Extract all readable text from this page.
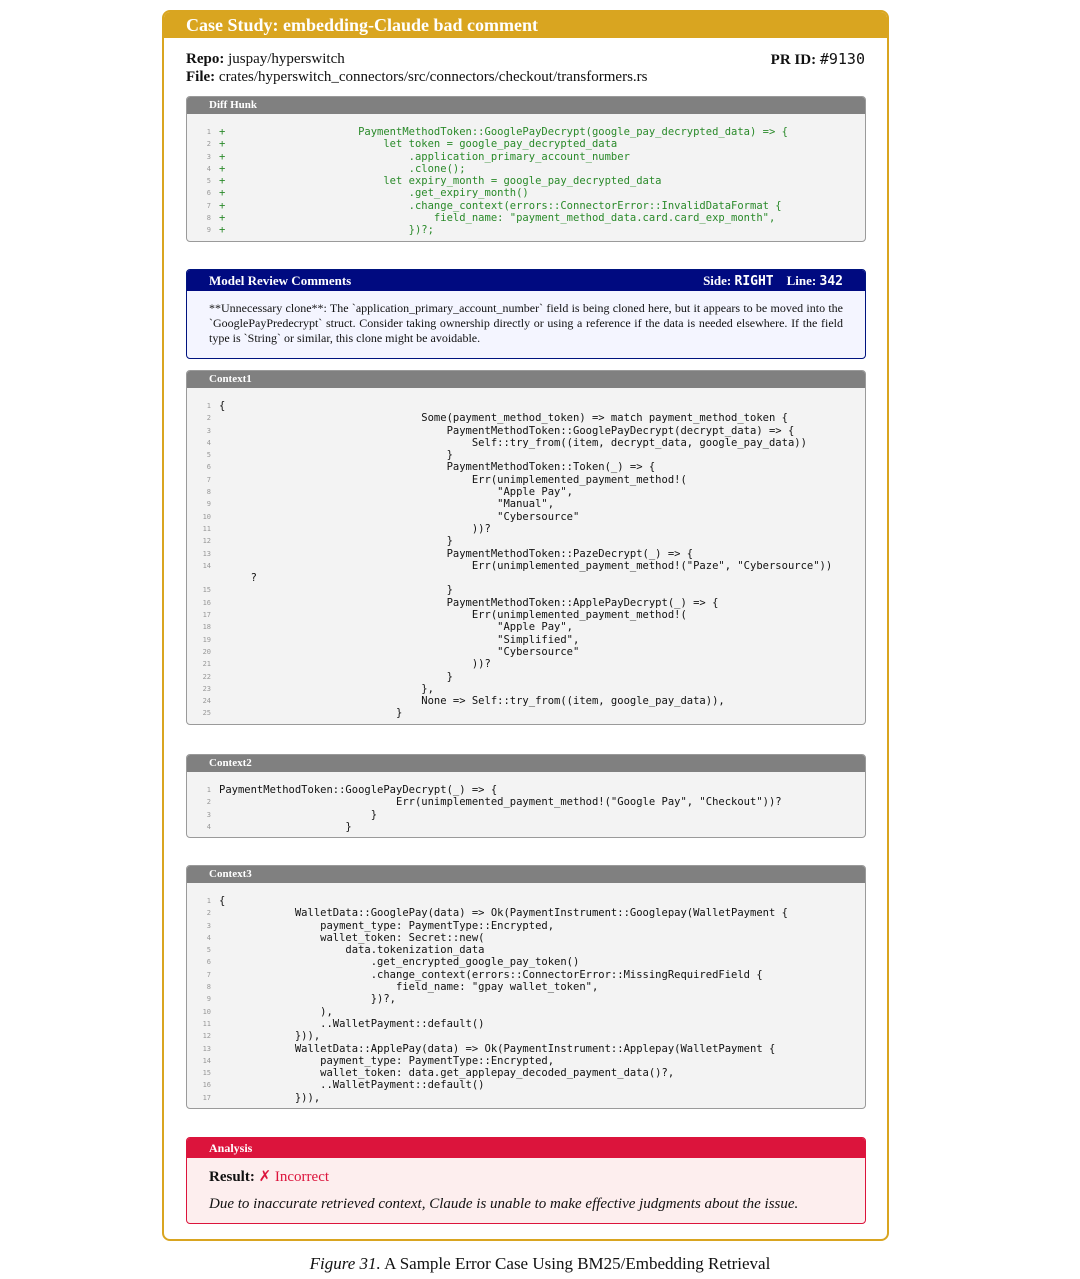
Case Study: embedding-Claude bad comment
Repo: juspay/hyperswitch	PR ID: #9130
File: crates/hyperswitch_connectors/src/connectors/checkout/transformers.rs
Diff Hunk
1 +                     PaymentMethodToken::GooglePayDecrypt(google_pay_decrypted_data) => {
2 +                         let token = google_pay_decrypted_data
3 +                             .application_primary_account_number
4 +                             .clone();
5 +                         let expiry_month = google_pay_decrypted_data
6 +                             .get_expiry_month()
7 +                             .change_context(errors::ConnectorError::InvalidDataFormat {
8 +                                 field_name: "payment_method_data.card.card_exp_month",
9 +                             })?;
Model Review Comments	Side: RIGHT Line: 342
**Unnecessary clone**: The `application_primary_account_number` field is being cloned here, but it appears to be moved into the `GooglePayPredecrypt` struct. Consider taking ownership directly or using a reference if the data is needed elsewhere. If the field type is `String` or similar, this clone might be avoidable.
Context1
1 {
2 Some(payment_method_token) => match payment_method_token {
3 PaymentMethodToken::GooglePayDecrypt(decrypt_data) => {
4 Self::try_from((item, decrypt_data, google_pay_data))
5 }
6 PaymentMethodToken::Token(_) => {
7 Err(unimplemented_payment_method!(
8 "Apple Pay",
9 "Manual",
10 "Cybersource"
11 ))?
12 }
13 PaymentMethodToken::PazeDecrypt(_) => {
14 Err(unimplemented_payment_method!("Paze", "Cybersource"))
?
15 }
16 PaymentMethodToken::ApplePayDecrypt(_) => {
17 Err(unimplemented_payment_method!(
18 "Apple Pay",
19 "Simplified",
20 "Cybersource"
21 ))?
22 }
23 },
24 None => Self::try_from((item, google_pay_data)),
25 }
Context2
1 PaymentMethodToken::GooglePayDecrypt(_) => {
2 Err(unimplemented_payment_method!("Google Pay", "Checkout"))?
3 }
4 }
Context3
1 {
2 WalletData::GooglePay(data) => Ok(PaymentInstrument::Googlepay(WalletPayment {
3 payment_type: PaymentType::Encrypted,
4 wallet_token: Secret::new(
5 data.tokenization_data
6 .get_encrypted_google_pay_token()
7 .change_context(errors::ConnectorError::MissingRequiredField {
8 field_name: "gpay wallet_token",
9 })?,
10 ),
11 ..WalletPayment::default()
12 })),
13 WalletData::ApplePay(data) => Ok(PaymentInstrument::Applepay(WalletPayment {
14 payment_type: PaymentType::Encrypted,
15 wallet_token: data.get_applepay_decoded_payment_data()?,
16 ..WalletPayment::default()
17 })),
Analysis
Result: ✗ Incorrect
Due to inaccurate retrieved context, Claude is unable to make effective judgments about the issue.
Figure 31. A Sample Error Case Using BM25/Embedding Retrieval
